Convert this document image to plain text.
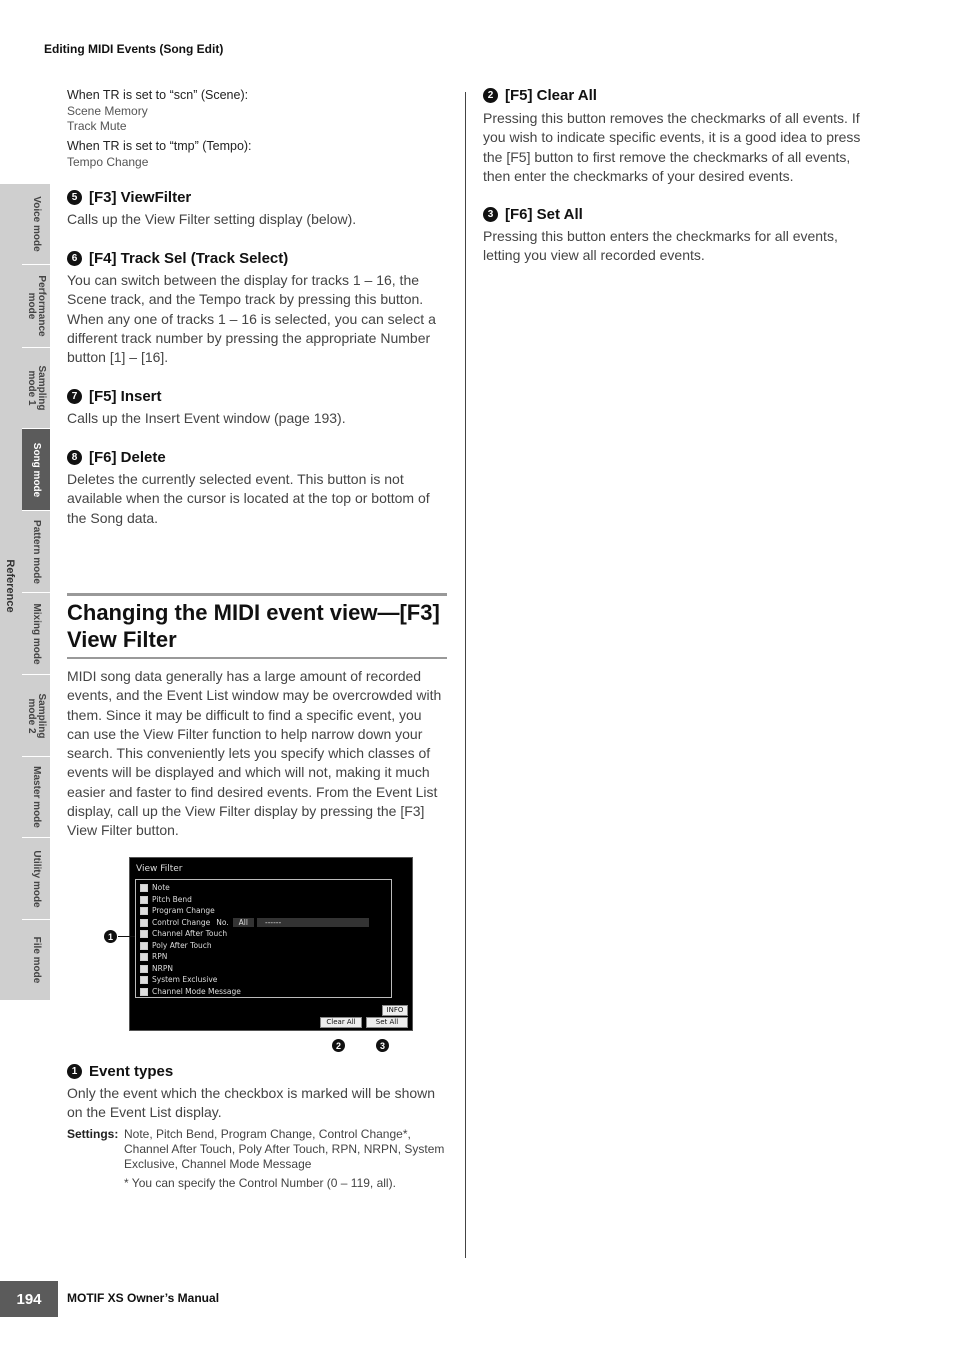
Editing MIDI Events (Song Edit)
Reference
Voice mode
Performance
mode
Sampling
mode 1
Song mode
Pattern mode
Mixing mode
Sampling
mode 2
Master mode
Utility mode
File mode
When TR is set to “scn” (Scene):
Scene Memory
Track Mute
When TR is set to “tmp” (Tempo):
Tempo Change
5 [F3] ViewFilter
Calls up the View Filter setting display (below).
6 [F4] Track Sel (Track Select)
You can switch between the display for tracks 1 – 16, the Scene track, and the Tempo track by pressing this button. When any one of tracks 1 – 16 is selected, you can select a different track number by pressing the appropriate Number button [1] – [16].
7 [F5] Insert
Calls up the Insert Event window (page 193).
8 [F6] Delete
Deletes the currently selected event. This button is not available when the cursor is located at the top or bottom of the Song data.
Changing the MIDI event view—[F3] View Filter
MIDI song data generally has a large amount of recorded events, and the Event List window may be overcrowded with them. Since it may be difficult to find a specific event, you can use the View Filter function to help narrow down your search. This conveniently lets you specify which classes of events will be displayed and which will not, making it much easier and faster to find desired events. From the Event List display, call up the View Filter display by pressing the [F3] View Filter button.
View Filter
Note
Pitch Bend
Program Change
Control Change No.	All	------
Channel After Touch
Poly After Touch
RPN
NRPN
System Exclusive
Channel Mode Message
INFO
Clear All	Set All
1
2	3
1 Event types
Only the event which the checkbox is marked will be shown on the Event List display.
Settings: Note, Pitch Bend, Program Change, Control Change*, Channel After Touch, Poly After Touch, RPN, NRPN, System Exclusive, Channel Mode Message
* You can specify the Control Number (0 – 119, all).
2 [F5] Clear All
Pressing this button removes the checkmarks of all events. If you wish to indicate specific events, it is a good idea to press the [F5] button to first remove the checkmarks of all events, then enter the checkmarks of your desired events.
3 [F6] Set All
Pressing this button enters the checkmarks for all events, letting you view all recorded events.
194	MOTIF XS Owner’s Manual
